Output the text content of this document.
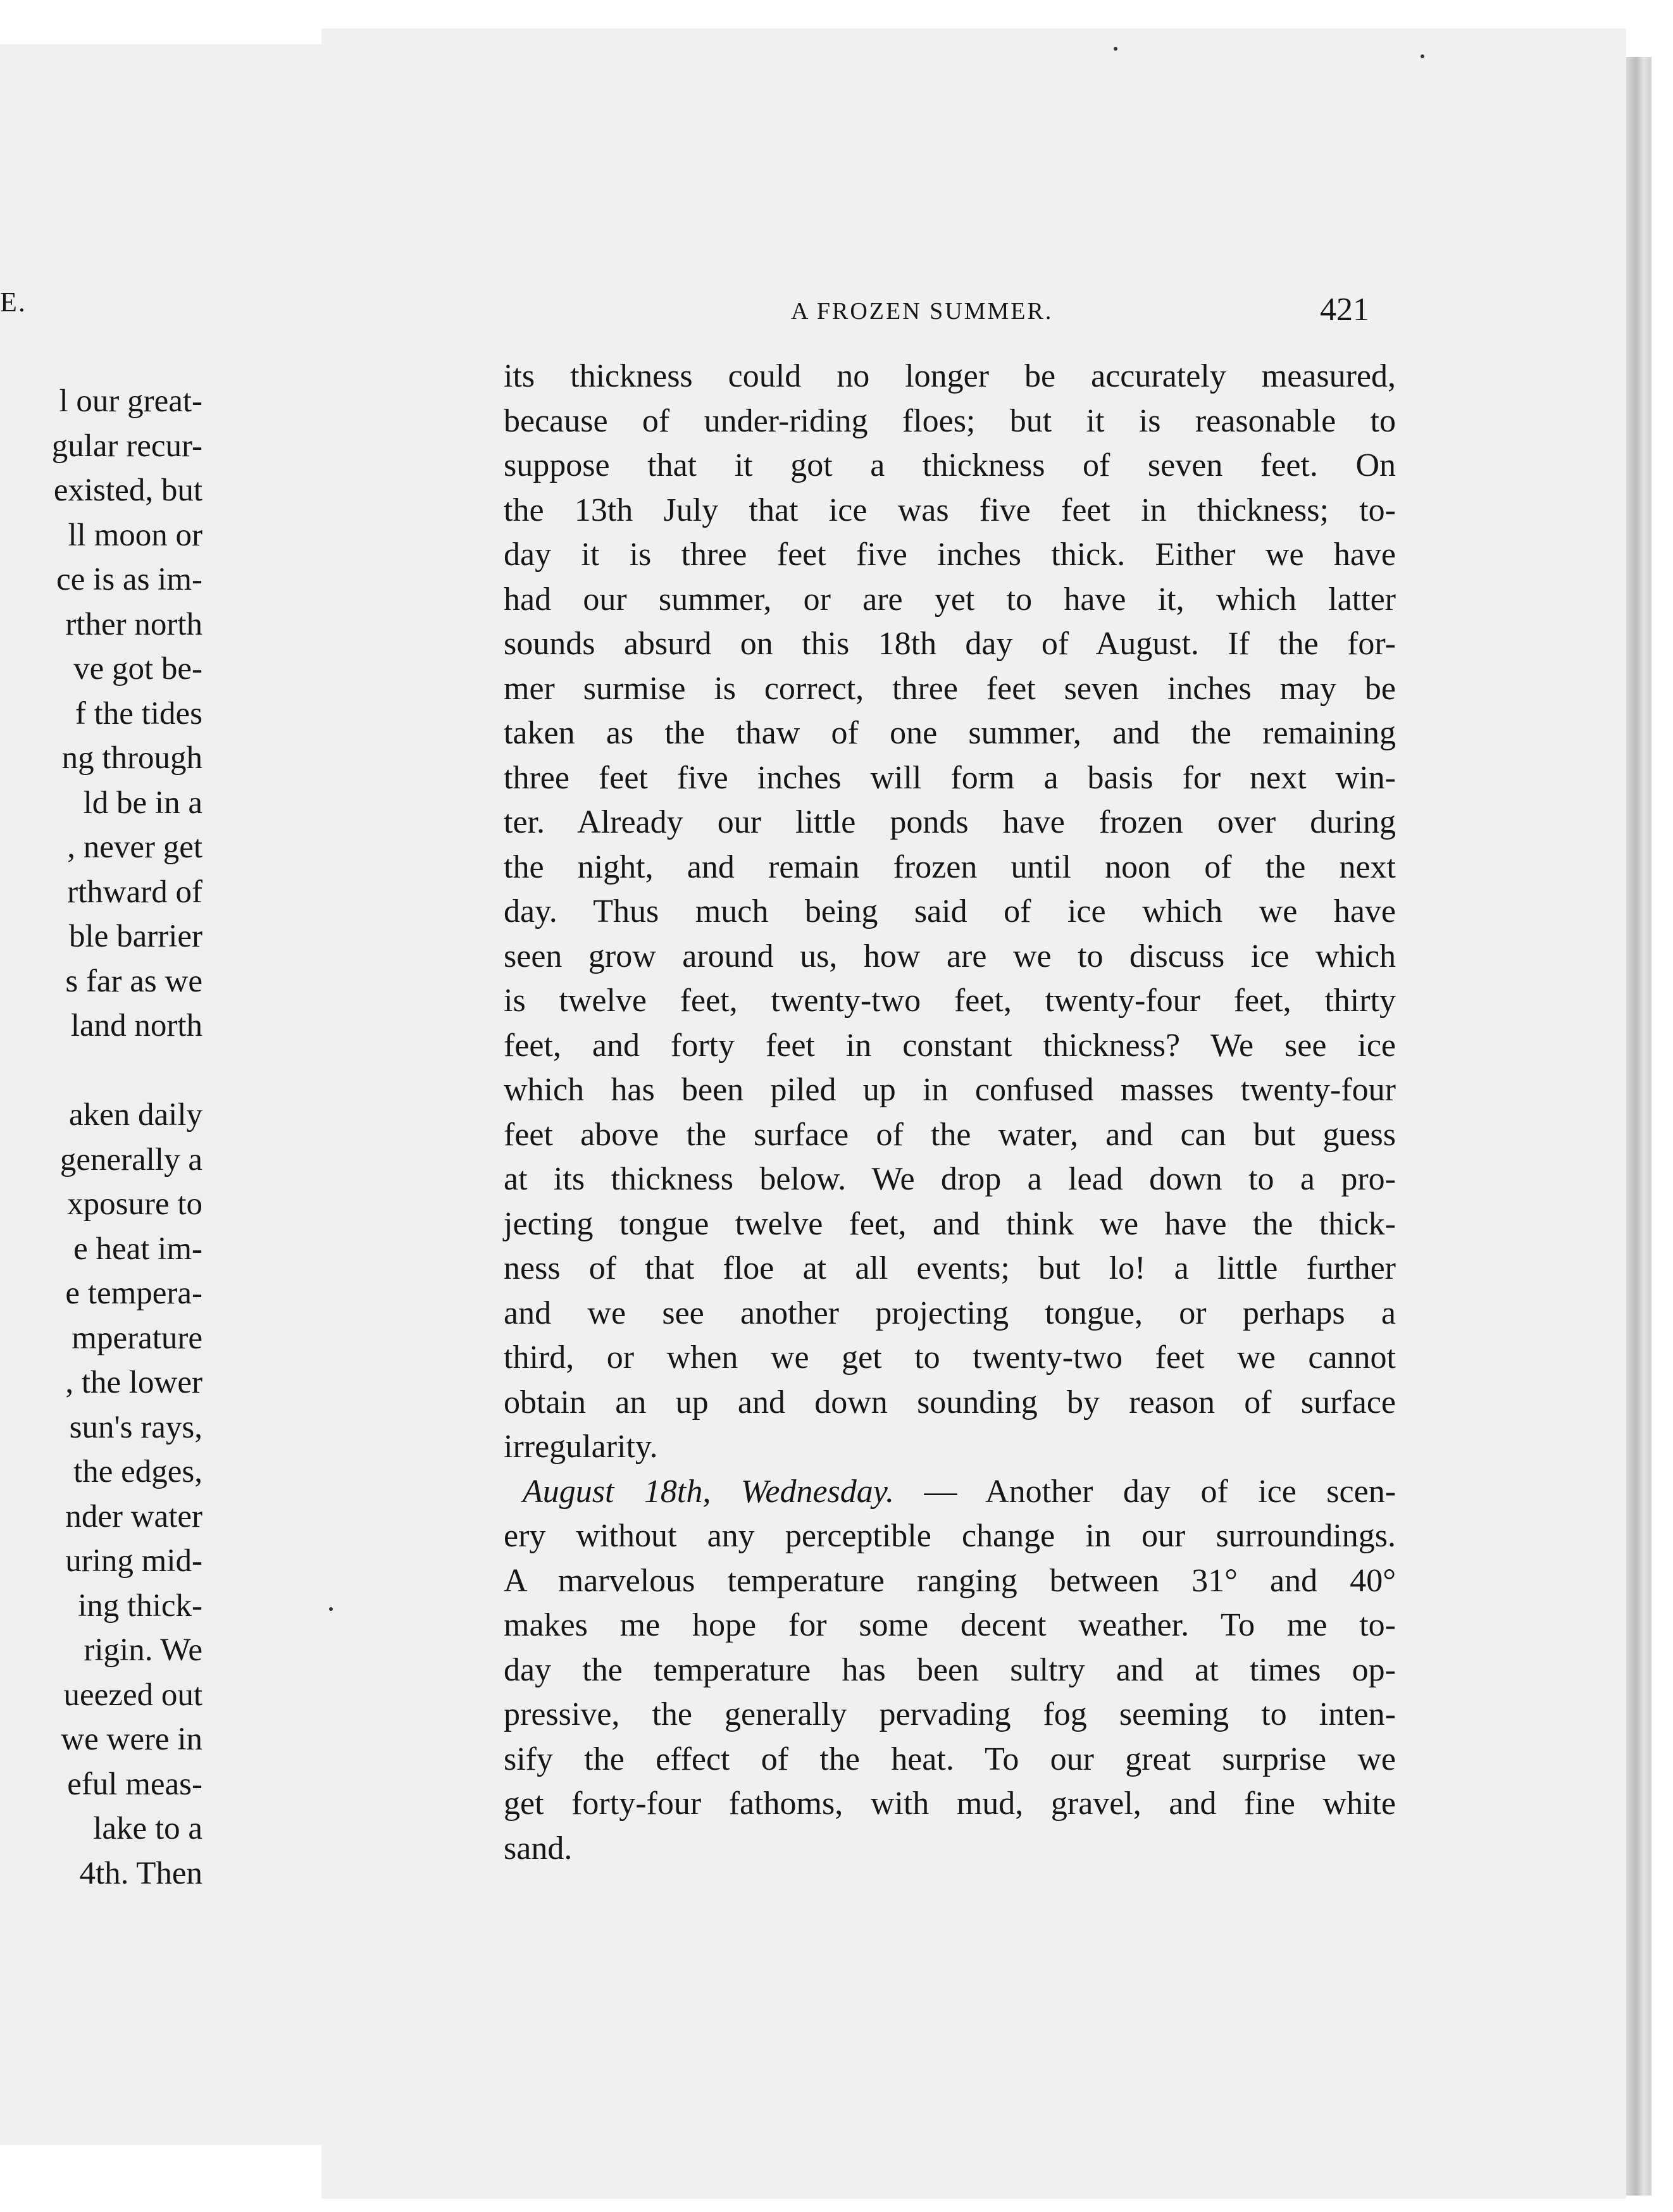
E.
l our great-
gular recur-
existed, but
ll moon or
ce is as im-
rther north
ve got be-
f the tides
ng through
ld be in a
, never get
rthward of
ble barrier
s far as we
land north
aken daily
generally a
xposure to
e heat im-
e tempera-
mperature
, the lower
sun's rays,
the edges,
nder water
uring mid-
ing thick-
rigin. We
ueezed out
we were in
eful meas-
lake to a
4th. Then
A FROZEN SUMMER.	421
its thickness could no longer be accurately measured,
because of under-riding floes; but it is reasonable to
suppose that it got a thickness of seven feet. On
the 13th July that ice was five feet in thickness; to-
day it is three feet five inches thick. Either we have
had our summer, or are yet to have it, which latter
sounds absurd on this 18th day of August. If the for-
mer surmise is correct, three feet seven inches may be
taken as the thaw of one summer, and the remaining
three feet five inches will form a basis for next win-
ter. Already our little ponds have frozen over during
the night, and remain frozen until noon of the next
day. Thus much being said of ice which we have
seen grow around us, how are we to discuss ice which
is twelve feet, twenty-two feet, twenty-four feet, thirty
feet, and forty feet in constant thickness? We see ice
which has been piled up in confused masses twenty-four
feet above the surface of the water, and can but guess
at its thickness below. We drop a lead down to a pro-
jecting tongue twelve feet, and think we have the thick-
ness of that floe at all events; but lo! a little further
and we see another projecting tongue, or perhaps a
third, or when we get to twenty-two feet we cannot
obtain an up and down sounding by reason of surface
irregularity.
August 18th, Wednesday. — Another day of ice scen-
ery without any perceptible change in our surroundings.
A marvelous temperature ranging between 31° and 40°
makes me hope for some decent weather. To me to-
day the temperature has been sultry and at times op-
pressive, the generally pervading fog seeming to inten-
sify the effect of the heat. To our great surprise we
get forty-four fathoms, with mud, gravel, and fine white
sand.
